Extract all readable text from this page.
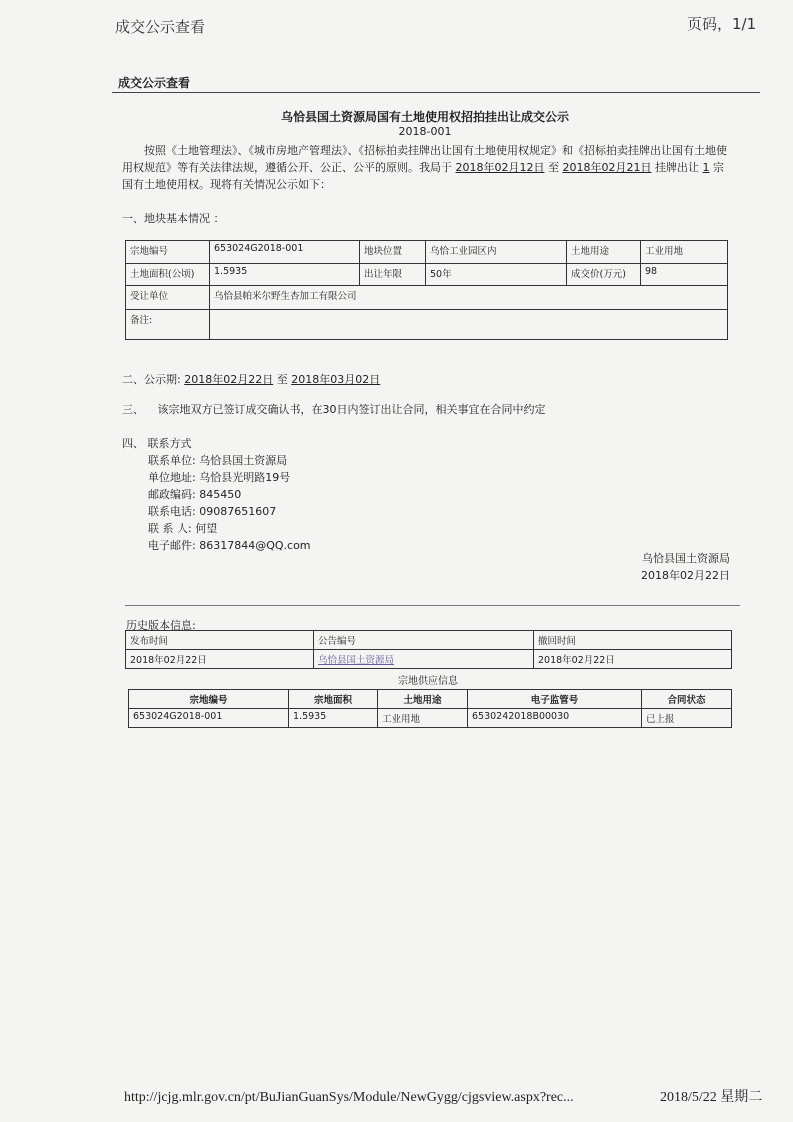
成交公示查看	页码，1/1
成交公示查看
乌恰县国土资源局国有土地使用权招拍挂出让成交公示
2018-001
按照《土地管理法》、《城市房地产管理法》、《招标拍卖挂牌出让国有土地使用权规定》和《招标拍卖挂牌出让国有土地使用权规范》等有关法律法规，遵循公开、公正、公平的原则。我局于 2018年02月12日 至 2018年02月21日 挂牌出让 1 宗国有土地使用权。现将有关情况公示如下：
一、地块基本情况 ：
宗地编号	653024G2018-001	地块位置	乌恰工业园区内	土地用途	工业用地
土地面积(公顷)	1.5935	出让年限	50年	成交价(万元)	98
受让单位	乌恰县帕米尔野生杏加工有限公司				
备注:					
二、公示期: 2018年02月22日 至 2018年03月02日
三、 该宗地双方已签订成交确认书，在30日内签订出让合同，相关事宜在合同中约定
四、 联系方式
联系单位: 乌恰县国土资源局
单位地址: 乌恰县光明路19号
邮政编码: 845450
联系电话: 09087651607
联 系 人: 何望
电子邮件: 86317844@QQ.com
乌恰县国土资源局
2018年02月22日
历史版本信息:
发布时间	公告编号	撤回时间
2018年02月22日	乌恰县国土资源局	2018年02月22日
宗地供应信息
宗地编号	宗地面积	土地用途	电子监管号	合同状态
653024G2018-001	1.5935	工业用地	6530242018B00030	已上报
http://jcjg.mlr.gov.cn/pt/BuJianGuanSys/Module/NewGygg/cjgsview.aspx?rec...	2018/5/22 星期二
